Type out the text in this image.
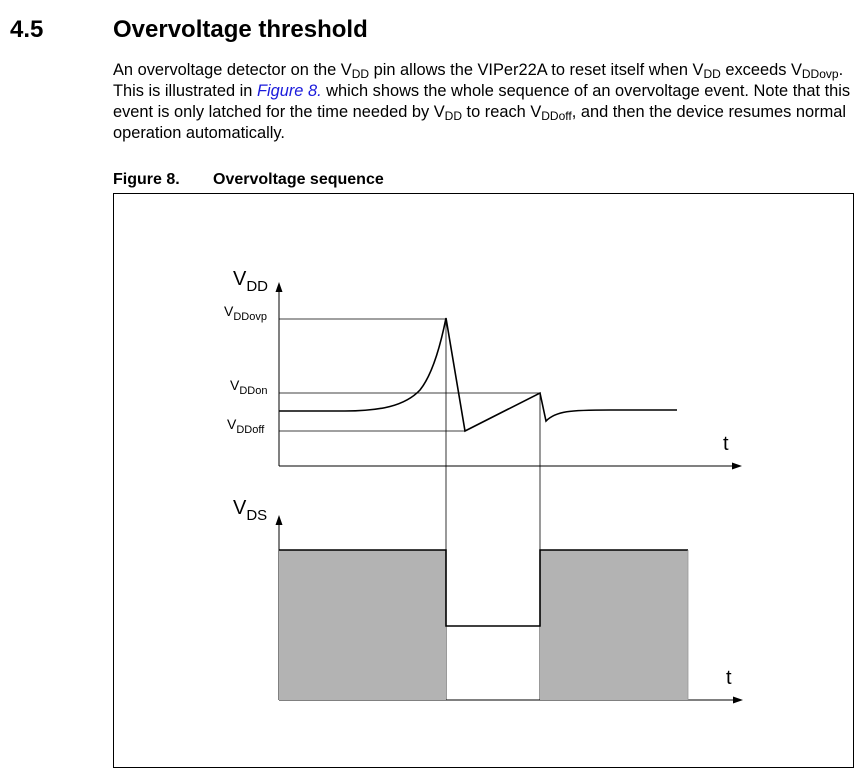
4.5	Overvoltage threshold
An overvoltage detector on the $V_{DD}$ pin allows the VIPer22A to reset itself when $V_{DD}$ exceeds $V_{DDovp}$. This is illustrated in Figure 8. which shows the whole sequence of an overvoltage event. Note that this event is only latched for the time needed by $V_{DD}$ to reach $V_{DDoff}$, and then the device resumes normal operation automatically.
Figure 8. Overvoltage sequence
$V_{DD}$
t
$V_{DDovp}$
$V_{DDon}$
$V_{DDoff}$
$V_{DS}$
t
